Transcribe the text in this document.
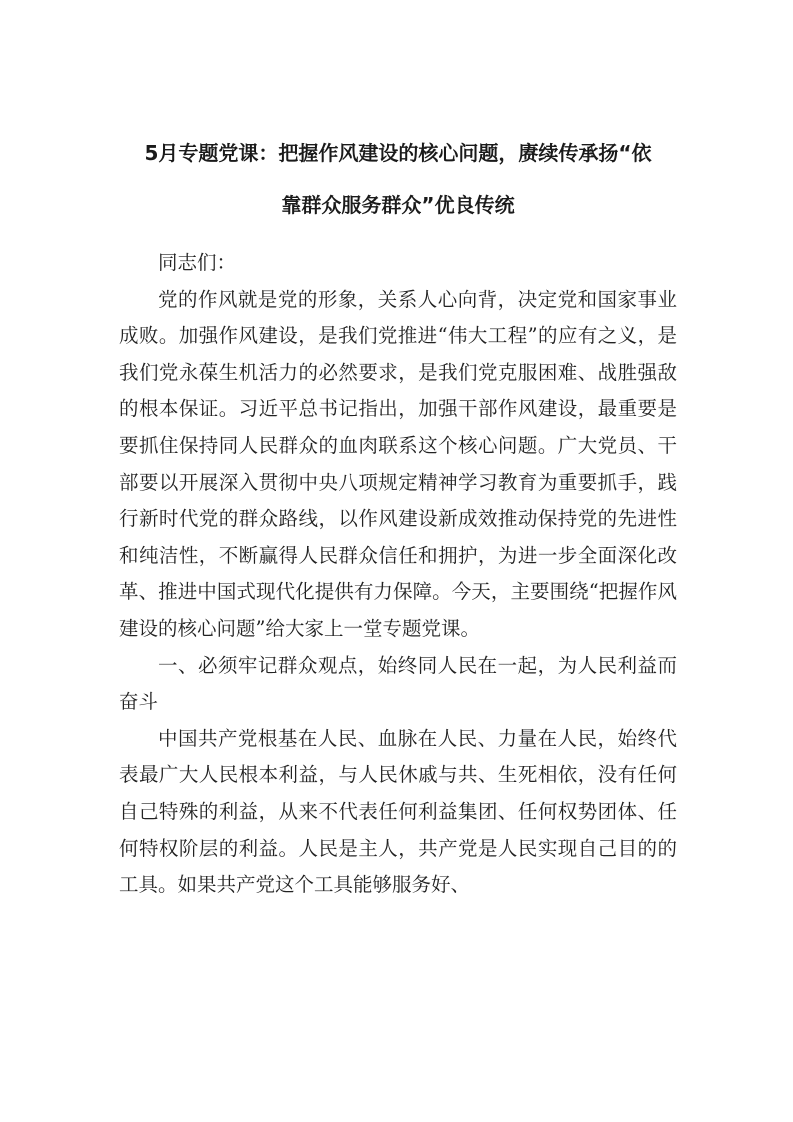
5月专题党课：把握作风建设的核心问题，赓续传承扬“依
靠群众服务群众”优良传统

同志们：

党的作风就是党的形象，关系人心向背，决定党和国家事业成败。加强作风建设，是我们党推进“伟大工程”的应有之义，是我们党永葆生机活力的必然要求，是我们党克服困难、战胜强敌的根本保证。习近平总书记指出，加强干部作风建设，最重要是要抓住保持同人民群众的血肉联系这个核心问题。广大党员、干部要以开展深入贯彻中央八项规定精神学习教育为重要抓手，践行新时代党的群众路线，以作风建设新成效推动保持党的先进性和纯洁性，不断赢得人民群众信任和拥护，为进一步全面深化改革、推进中国式现代化提供有力保障。今天，主要围绕“把握作风建设的核心问题”给大家上一堂专题党课。

一、必须牢记群众观点，始终同人民在一起，为人民利益而奋斗

中国共产党根基在人民、血脉在人民、力量在人民，始终代表最广大人民根本利益，与人民休戚与共、生死相依，没有任何自己特殊的利益，从来不代表任何利益集团、任何权势团体、任何特权阶层的利益。人民是主人，共产党是人民实现自己目的的工具。如果共产党这个工具能够服务好、
